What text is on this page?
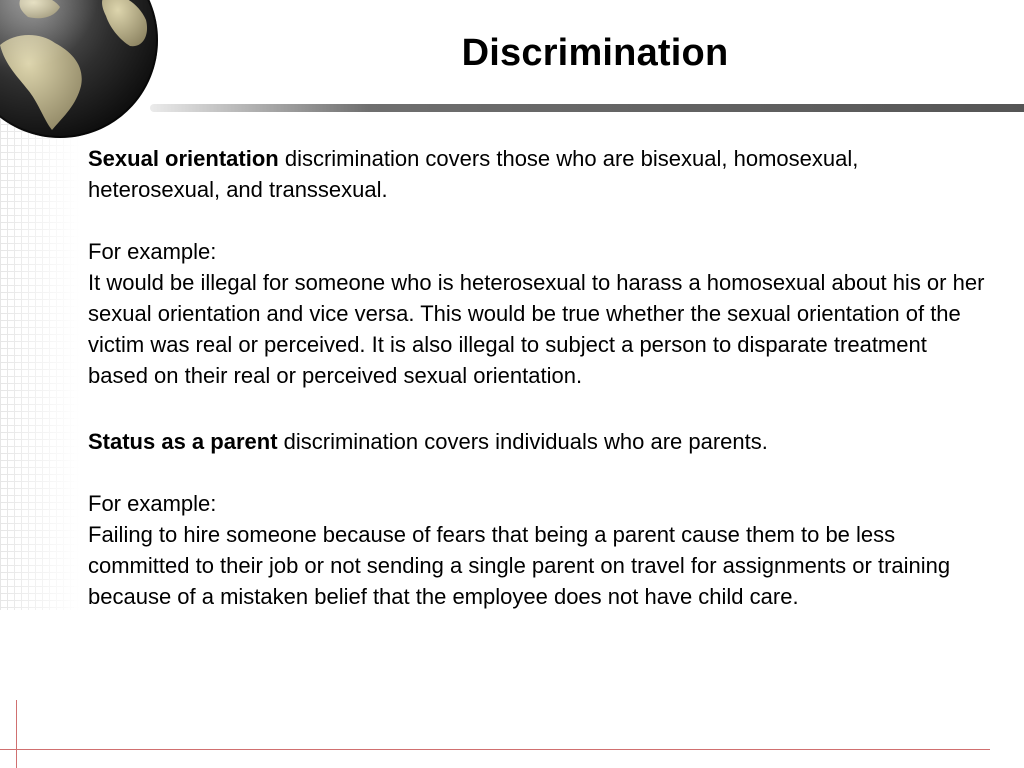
Discrimination

Sexual orientation discrimination covers those who are bisexual, homosexual, heterosexual, and transsexual.

For example:

It would be illegal for someone who is heterosexual to harass a homosexual about his or her sexual orientation and vice versa. This would be true whether the sexual orientation of the victim was real or perceived. It is also illegal to subject a person to disparate treatment based on their real or perceived sexual orientation.

Status as a parent discrimination covers individuals who are parents.

For example:

Failing to hire someone because of fears that being a parent cause them to be less committed to their job or not sending a single parent on travel for assignments or training because of a mistaken belief that the employee does not have child care.
